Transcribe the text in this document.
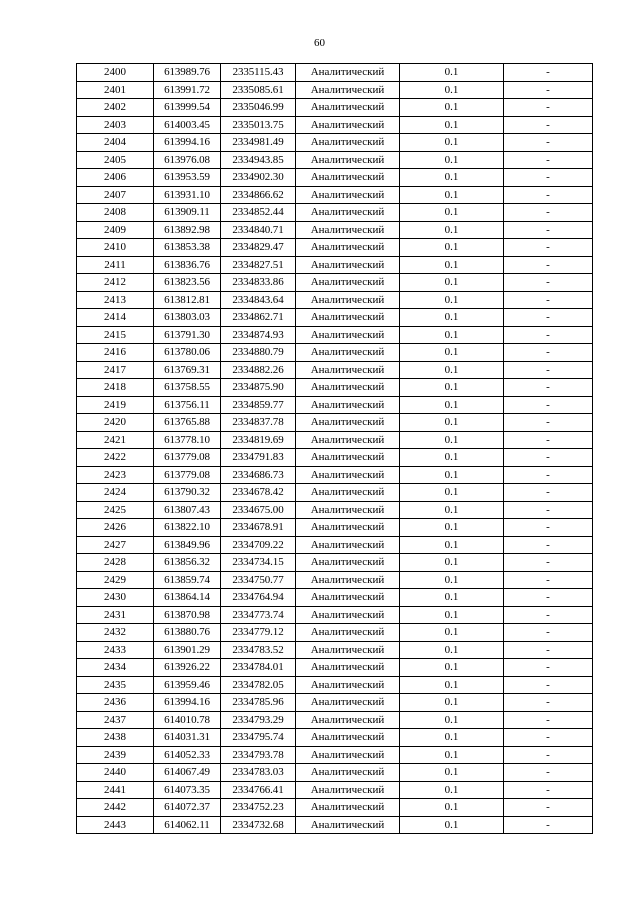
60
2400	613989.76	2335115.43	Аналитический	0.1	-
2401	613991.72	2335085.61	Аналитический	0.1	-
2402	613999.54	2335046.99	Аналитический	0.1	-
2403	614003.45	2335013.75	Аналитический	0.1	-
2404	613994.16	2334981.49	Аналитический	0.1	-
2405	613976.08	2334943.85	Аналитический	0.1	-
2406	613953.59	2334902.30	Аналитический	0.1	-
2407	613931.10	2334866.62	Аналитический	0.1	-
2408	613909.11	2334852.44	Аналитический	0.1	-
2409	613892.98	2334840.71	Аналитический	0.1	-
2410	613853.38	2334829.47	Аналитический	0.1	-
2411	613836.76	2334827.51	Аналитический	0.1	-
2412	613823.56	2334833.86	Аналитический	0.1	-
2413	613812.81	2334843.64	Аналитический	0.1	-
2414	613803.03	2334862.71	Аналитический	0.1	-
2415	613791.30	2334874.93	Аналитический	0.1	-
2416	613780.06	2334880.79	Аналитический	0.1	-
2417	613769.31	2334882.26	Аналитический	0.1	-
2418	613758.55	2334875.90	Аналитический	0.1	-
2419	613756.11	2334859.77	Аналитический	0.1	-
2420	613765.88	2334837.78	Аналитический	0.1	-
2421	613778.10	2334819.69	Аналитический	0.1	-
2422	613779.08	2334791.83	Аналитический	0.1	-
2423	613779.08	2334686.73	Аналитический	0.1	-
2424	613790.32	2334678.42	Аналитический	0.1	-
2425	613807.43	2334675.00	Аналитический	0.1	-
2426	613822.10	2334678.91	Аналитический	0.1	-
2427	613849.96	2334709.22	Аналитический	0.1	-
2428	613856.32	2334734.15	Аналитический	0.1	-
2429	613859.74	2334750.77	Аналитический	0.1	-
2430	613864.14	2334764.94	Аналитический	0.1	-
2431	613870.98	2334773.74	Аналитический	0.1	-
2432	613880.76	2334779.12	Аналитический	0.1	-
2433	613901.29	2334783.52	Аналитический	0.1	-
2434	613926.22	2334784.01	Аналитический	0.1	-
2435	613959.46	2334782.05	Аналитический	0.1	-
2436	613994.16	2334785.96	Аналитический	0.1	-
2437	614010.78	2334793.29	Аналитический	0.1	-
2438	614031.31	2334795.74	Аналитический	0.1	-
2439	614052.33	2334793.78	Аналитический	0.1	-
2440	614067.49	2334783.03	Аналитический	0.1	-
2441	614073.35	2334766.41	Аналитический	0.1	-
2442	614072.37	2334752.23	Аналитический	0.1	-
2443	614062.11	2334732.68	Аналитический	0.1	-
